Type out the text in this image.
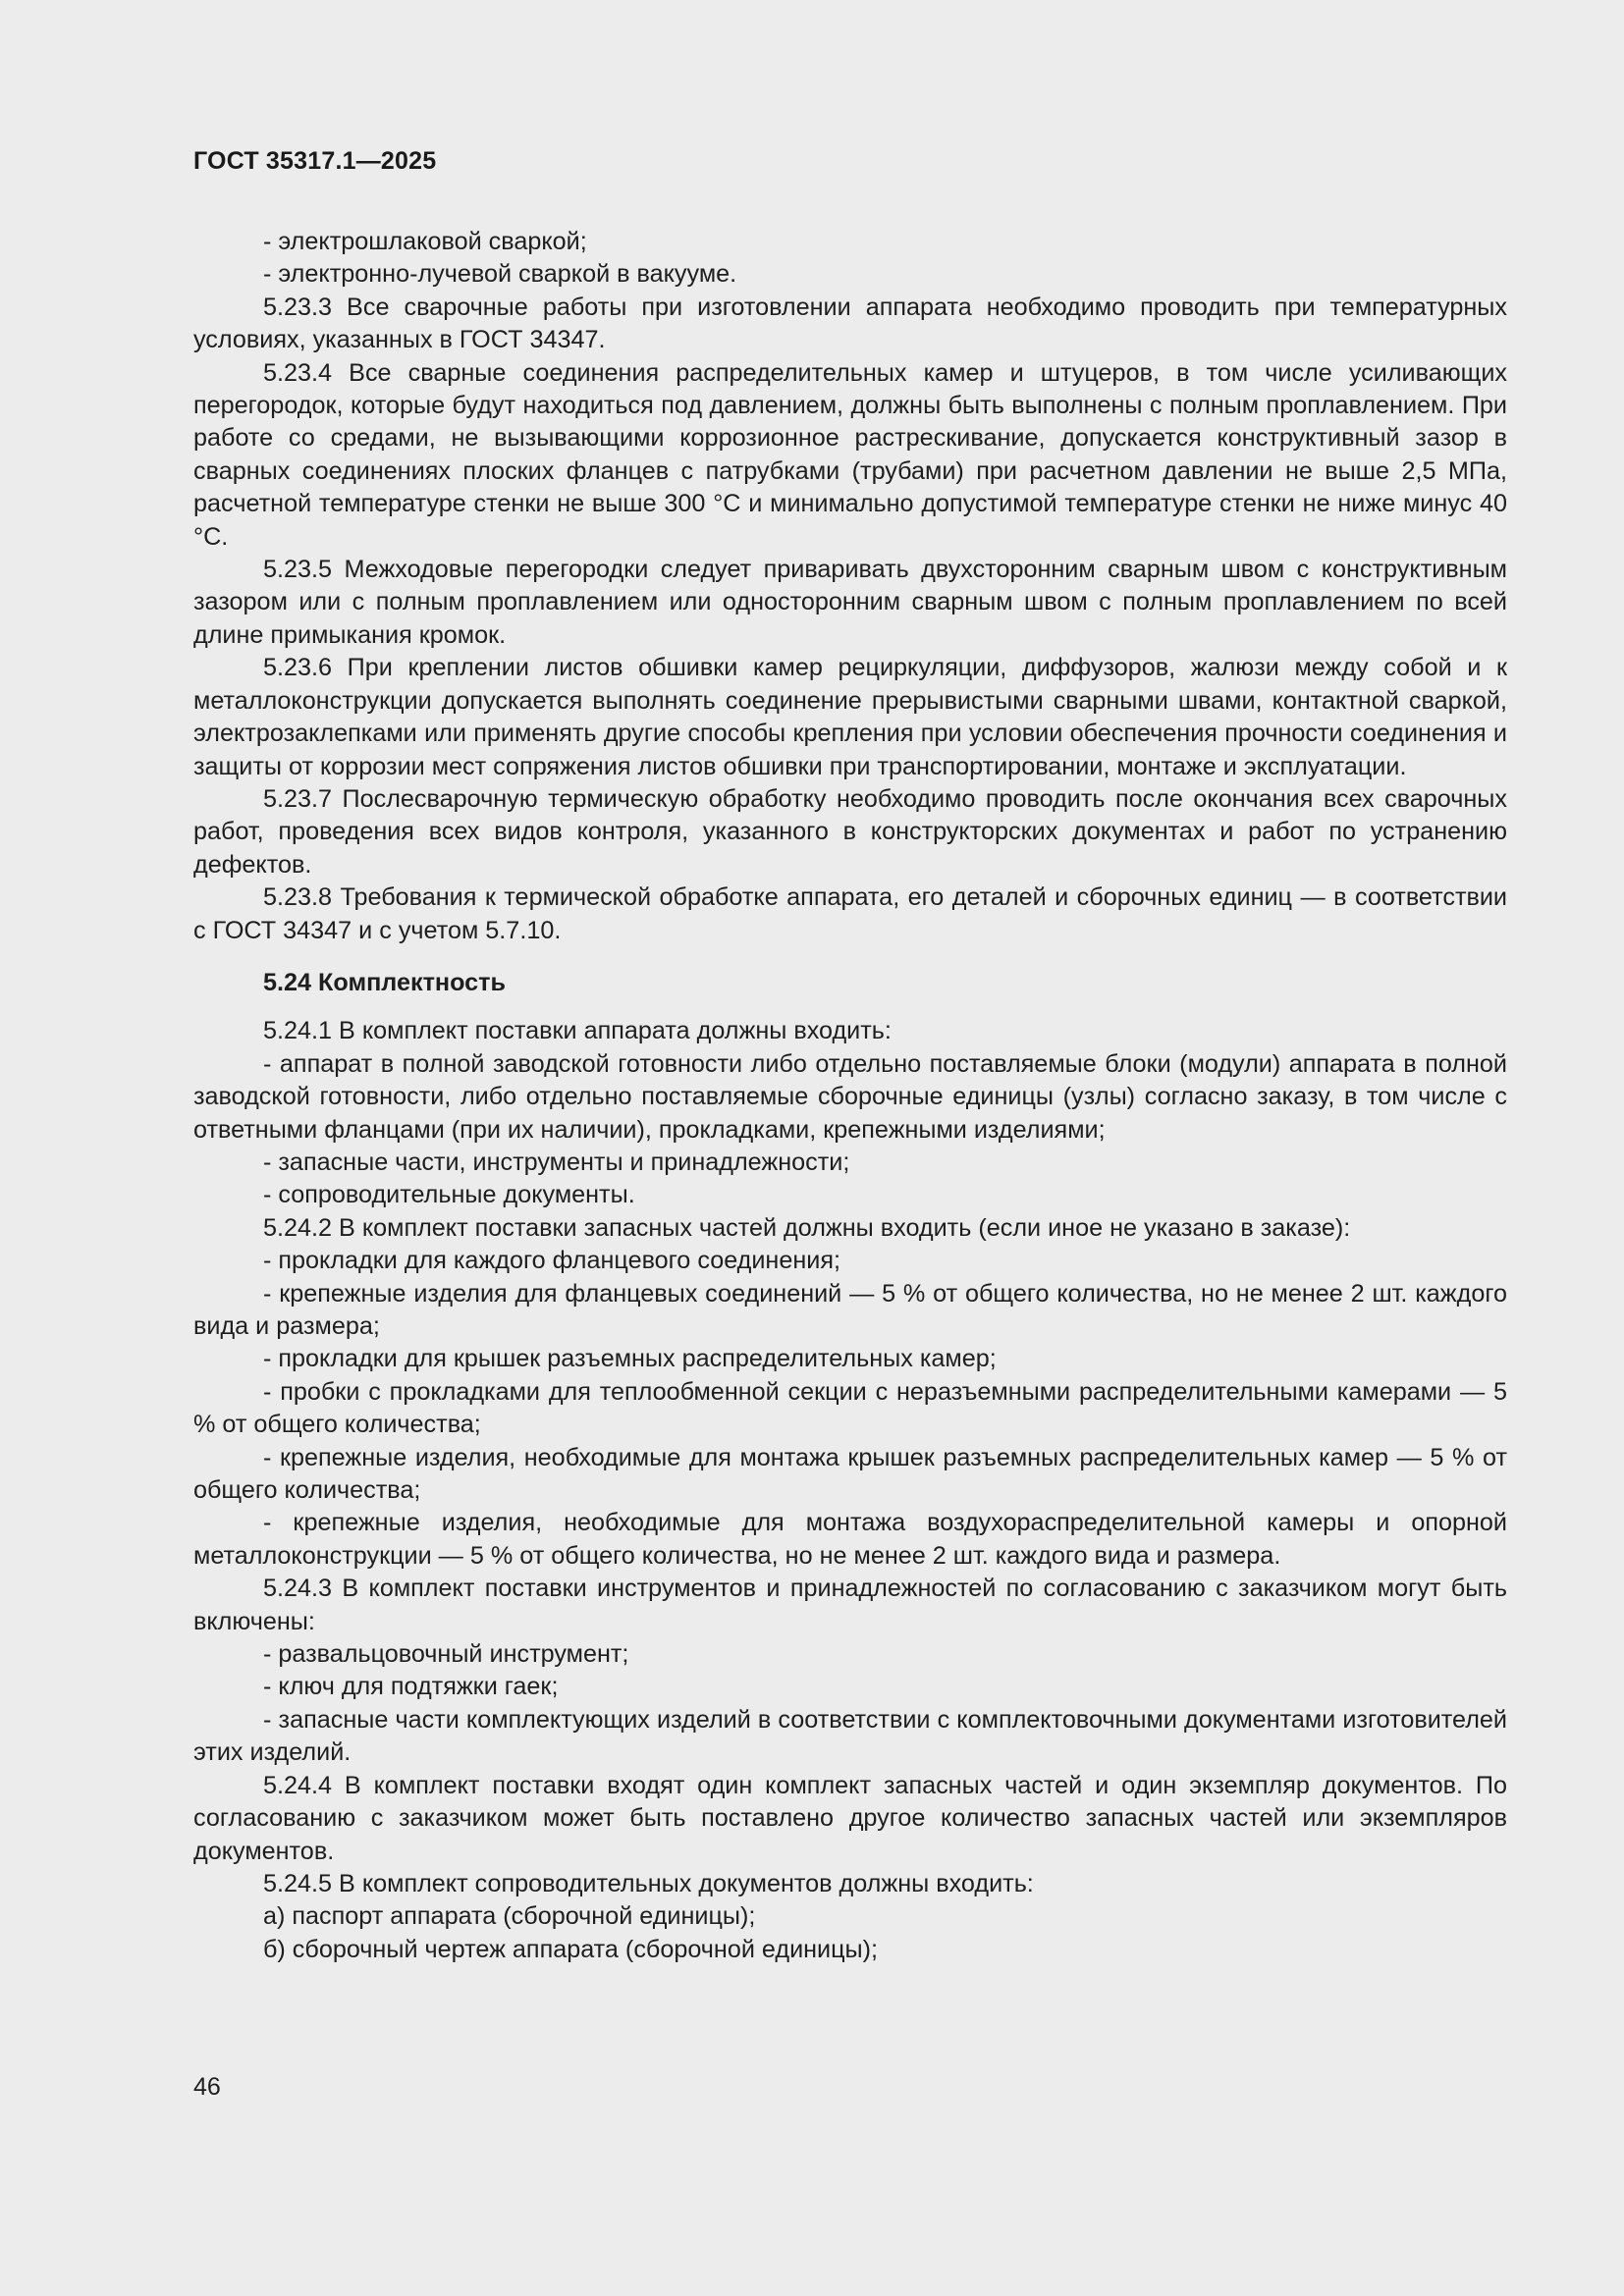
ГОСТ 35317.1—2025

- электрошлаковой сваркой;

- электронно-лучевой сваркой в вакууме.

5.23.3 Все сварочные работы при изготовлении аппарата необходимо проводить при температурных условиях, указанных в ГОСТ 34347.

5.23.4 Все сварные соединения распределительных камер и штуцеров, в том числе усиливающих перегородок, которые будут находиться под давлением, должны быть выполнены с полным проплавлением. При работе со средами, не вызывающими коррозионное растрескивание, допускается конструктивный зазор в сварных соединениях плоских фланцев с патрубками (трубами) при расчетном давлении не выше 2,5 МПа, расчетной температуре стенки не выше 300 °С и минимально допустимой температуре стенки не ниже минус 40 °С.

5.23.5 Межходовые перегородки следует приваривать двухсторонним сварным швом с конструктивным зазором или с полным проплавлением или односторонним сварным швом с полным проплавлением по всей длине примыкания кромок.

5.23.6 При креплении листов обшивки камер рециркуляции, диффузоров, жалюзи между собой и к металлоконструкции допускается выполнять соединение прерывистыми сварными швами, контактной сваркой, электрозаклепками или применять другие способы крепления при условии обеспечения прочности соединения и защиты от коррозии мест сопряжения листов обшивки при транспортировании, монтаже и эксплуатации.

5.23.7 Послесварочную термическую обработку необходимо проводить после окончания всех сварочных работ, проведения всех видов контроля, указанного в конструкторских документах и работ по устранению дефектов.

5.23.8 Требования к термической обработке аппарата, его деталей и сборочных единиц — в соответствии с ГОСТ 34347 и с учетом 5.7.10.

5.24 Комплектность

5.24.1 В комплект поставки аппарата должны входить:

- аппарат в полной заводской готовности либо отдельно поставляемые блоки (модули) аппарата в полной заводской готовности, либо отдельно поставляемые сборочные единицы (узлы) согласно заказу, в том числе с ответными фланцами (при их наличии), прокладками, крепежными изделиями;

- запасные части, инструменты и принадлежности;

- сопроводительные документы.

5.24.2 В комплект поставки запасных частей должны входить (если иное не указано в заказе):

- прокладки для каждого фланцевого соединения;

- крепежные изделия для фланцевых соединений — 5 % от общего количества, но не менее 2 шт. каждого вида и размера;

- прокладки для крышек разъемных распределительных камер;

- пробки с прокладками для теплообменной секции с неразъемными распределительными камерами — 5 % от общего количества;

- крепежные изделия, необходимые для монтажа крышек разъемных распределительных камер — 5 % от общего количества;

- крепежные изделия, необходимые для монтажа воздухораспределительной камеры и опорной металлоконструкции — 5 % от общего количества, но не менее 2 шт. каждого вида и размера.

5.24.3 В комплект поставки инструментов и принадлежностей по согласованию с заказчиком могут быть включены:

- развальцовочный инструмент;

- ключ для подтяжки гаек;

- запасные части комплектующих изделий в соответствии с комплектовочными документами изготовителей этих изделий.

5.24.4 В комплект поставки входят один комплект запасных частей и один экземпляр документов. По согласованию с заказчиком может быть поставлено другое количество запасных частей или экземпляров документов.

5.24.5 В комплект сопроводительных документов должны входить:

а) паспорт аппарата (сборочной единицы);

б) сборочный чертеж аппарата (сборочной единицы);

46
